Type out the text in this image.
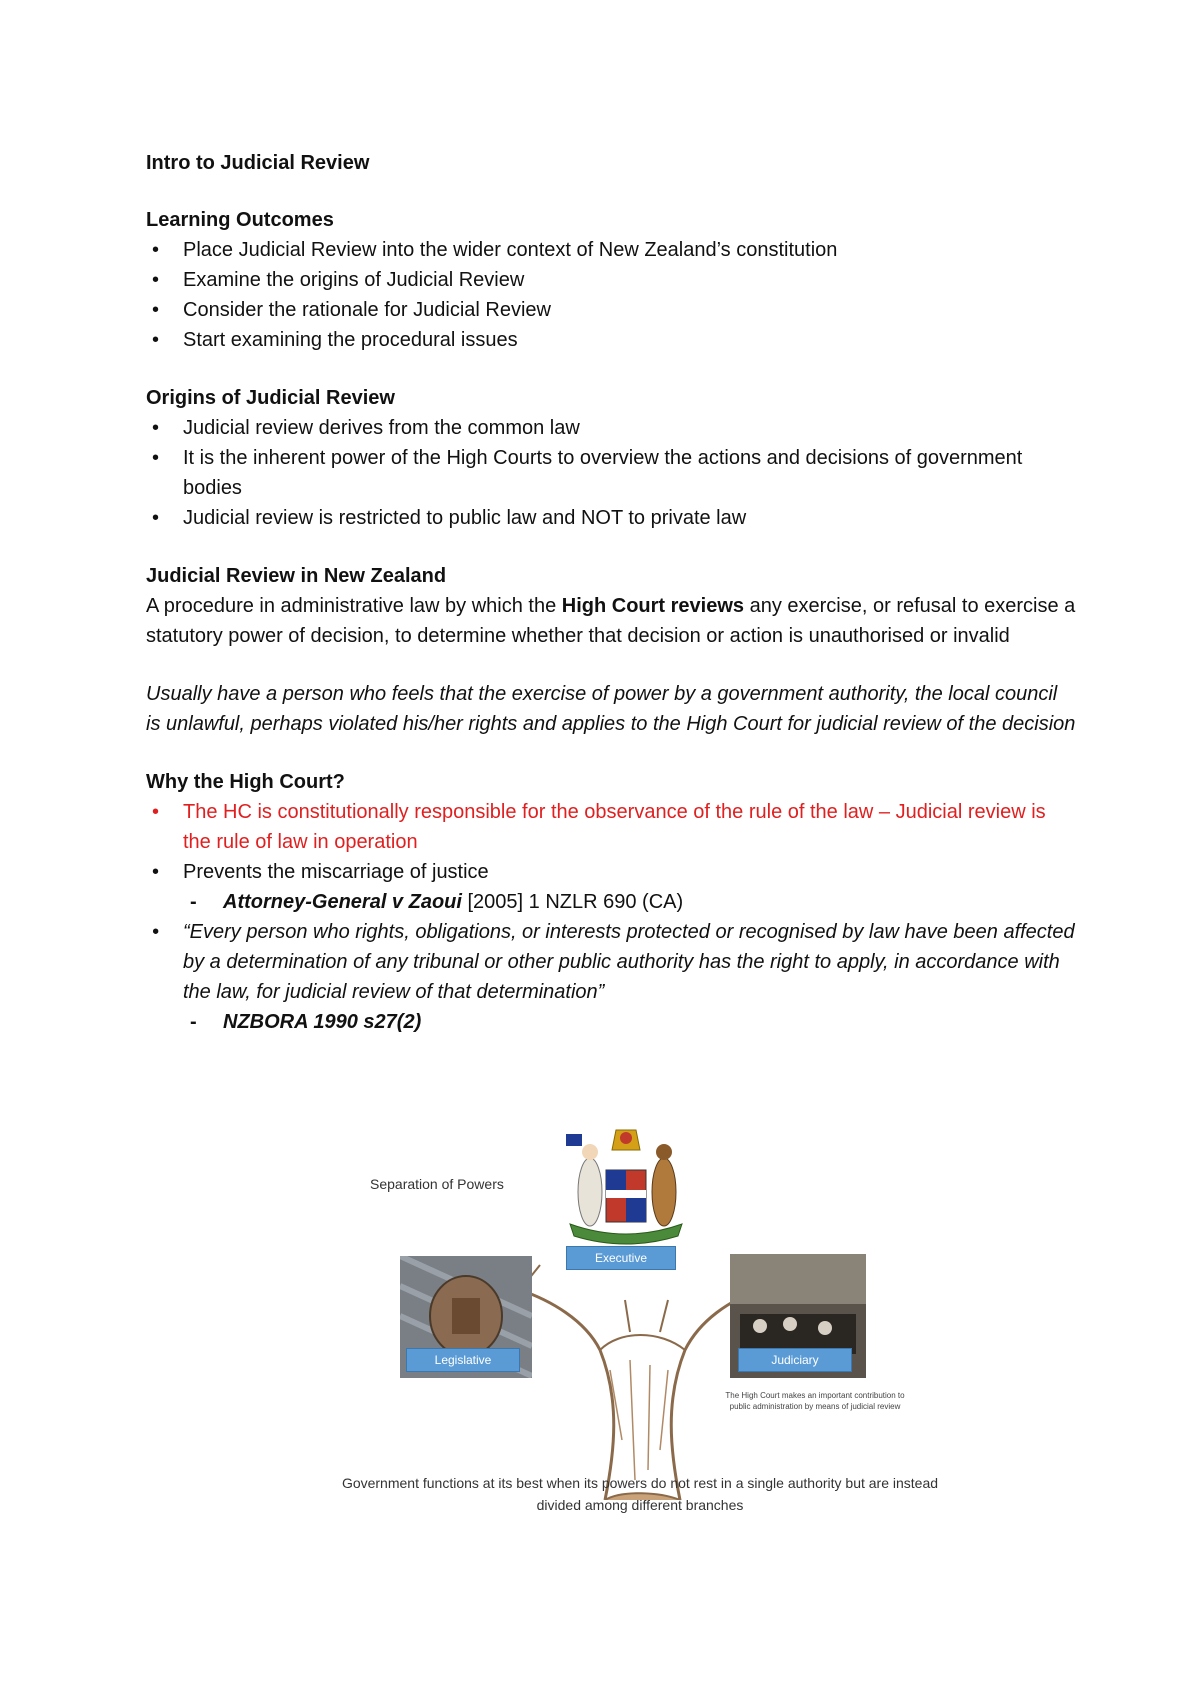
Intro to Judicial Review

Learning Outcomes

• Place Judicial Review into the wider context of New Zealand’s constitution
• Examine the origins of Judicial Review
• Consider the rationale for Judicial Review
• Start examining the procedural issues

Origins of Judicial Review

• Judicial review derives from the common law
• It is the inherent power of the High Courts to overview the actions and decisions of government bodies
• Judicial review is restricted to public law and NOT to private law

Judicial Review in New Zealand

A procedure in administrative law by which the High Court reviews any exercise, or refusal to exercise a statutory power of decision, to determine whether that decision or action is unauthorised or invalid

Usually have a person who feels that the exercise of power by a government authority, the local council is unlawful, perhaps violated his/her rights and applies to the High Court for judicial review of the decision

Why the High Court?

• The HC is constitutionally responsible for the observance of the rule of the law – Judicial review is the rule of law in operation
• Prevents the miscarriage of justice
- Attorney-General v Zaoui [2005] 1 NZLR 690 (CA)
• “Every person who rights, obligations, or interests protected or recognised by law have been affected by a determination of any tribunal or other public authority has the right to apply, in accordance with the law, for judicial review of that determination”
- NZBORA 1990 s27(2)
Separation of Powers
Executive
Legislative	Judiciary
The High Court makes an important contribution to public administration by means of judicial review
Government functions at its best when its powers do not rest in a single authority but are instead divided among different branches
